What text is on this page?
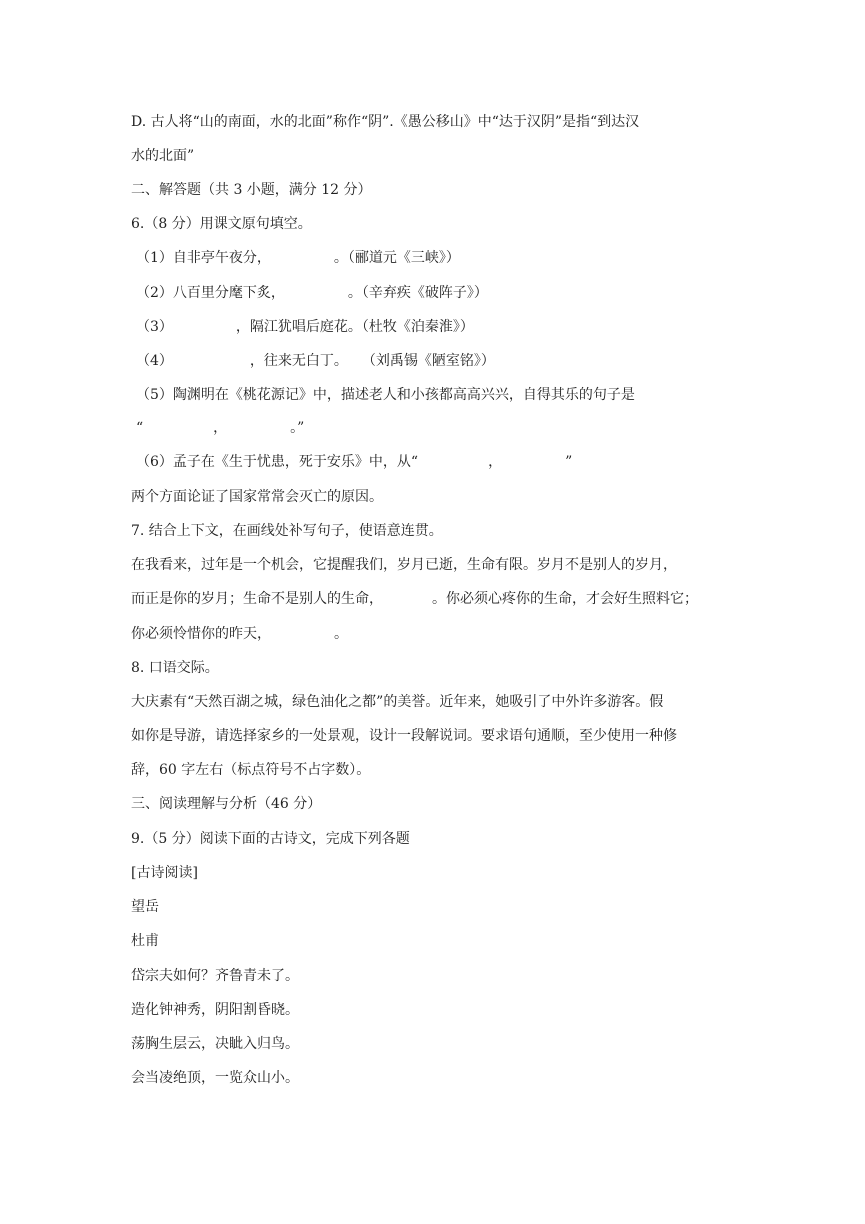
D. 古人将“山的南面，水的北面”称作“阴”.《愚公移山》中“达于汉阴”是指“到达汉
水的北面”
二、解答题（共 3 小题，满分 12 分）
6.（8 分）用课文原句填空。
（1）自非亭午夜分，　　　　　。（郦道元《三峡》）
（2）八百里分麾下炙，　　　　　。（辛弃疾《破阵子》）
（3）　　　　　，隔江犹唱后庭花。（杜牧《泊秦淮》）
（4）　　　　　　，往来无白丁。　　（刘禹锡《陋室铭》）
（5）陶渊明在《桃花源记》中，描述老人和小孩都高高兴兴，自得其乐的句子是
“　　　　　，　　　　　。”
（6）孟子在《生于忧患，死于安乐》中，从“　　　　　，　　　　　”
两个方面论证了国家常常会灭亡的原因。
7. 结合上下文，在画线处补写句子，使语意连贯。
在我看来，过年是一个机会，它提醒我们，岁月已逝，生命有限。岁月不是别人的岁月，
而正是你的岁月；生命不是别人的生命，　　　　。你必须心疼你的生命，才会好生照料它；
你必须怜惜你的昨天，　　　　　。
8. 口语交际。
大庆素有“天然百湖之城，绿色油化之都”的美誉。近年来，她吸引了中外许多游客。假
如你是导游，请选择家乡的一处景观，设计一段解说词。要求语句通顺，至少使用一种修
辞，60 字左右（标点符号不占字数）。
三、阅读理解与分析（46 分）
9.（5 分）阅读下面的古诗文，完成下列各题
[古诗阅读]
望岳
杜甫
岱宗夫如何？齐鲁青未了。
造化钟神秀，阴阳割昏晓。
荡胸生层云，决眦入归鸟。
会当凌绝顶，一览众山小。
